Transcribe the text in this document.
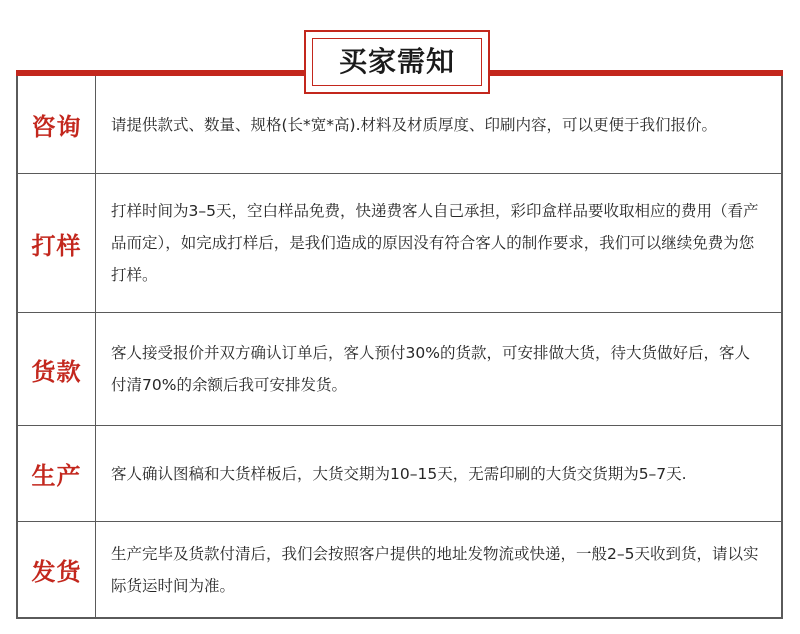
买家需知
咨询	请提供款式、数量、规格(长*宽*高).材料及材质厚度、印刷内容，可以更便于我们报价。
打样
打样时间为3–5天，空白样品免费，快递费客人自己承担，彩印盒样品要收取相应的费用（看产品而定），如完成打样后，是我们造成的原因没有符合客人的制作要求，我们可以继续免费为您打样。
货款
客人接受报价并双方确认订单后，客人预付30%的货款，可安排做大货，待大货做好后，客人付清70%的余额后我可安排发货。
生产	客人确认图稿和大货样板后，大货交期为10–15天，无需印刷的大货交货期为5–7天.
发货
生产完毕及货款付清后，我们会按照客户提供的地址发物流或快递，一般2–5天收到货，请以实际货运时间为准。
